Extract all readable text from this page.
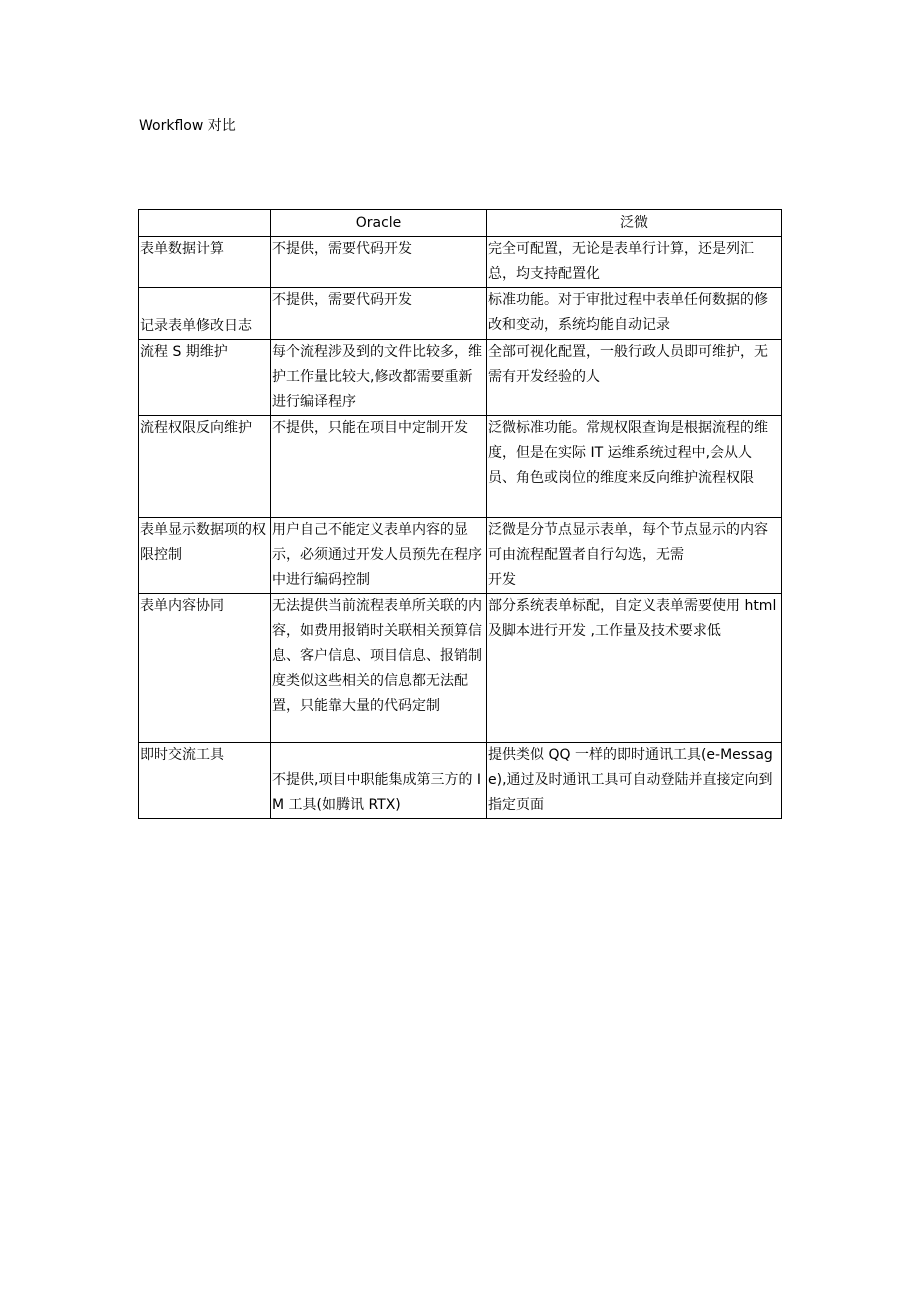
Workflow 对比
	Oracle	泛微
表单数据计算	不提供，需要代码开发	完全可配置，无论是表单行计算，还是列汇总，均支持配置化
记录表单修改日志	不提供，需要代码开发	标准功能。对于审批过程中表单任何数据的修改和变动，系统均能自动记录
流程 S 期维护	每个流程涉及到的文件比较多，维护工作量比较大,修改都需要重新进行编译程序	全部可视化配置，一般行政人员即可维护，无需有开发经验的人
流程权限反向维护	不提供，只能在项目中定制开发	泛微标准功能。常规权限查询是根据流程的维度，但是在实际 IT 运维系统过程中,会从人员、角色或岗位的维度来反向维护流程权限
表单显示数据项的权限控制	用户自己不能定义表单内容的显示，必须通过开发人员预先在程序中进行编码控制	泛微是分节点显示表单，每个节点显示的内容可由流程配置者自行勾选，无需
开发
表单内容协同	无法提供当前流程表单所关联的内容，如费用报销时关联相关预算信息、客户信息、项目信息、报销制度类似这些相关的信息都无法配置，只能靠大量的代码定制	部分系统表单标配，自定义表单需要使用 html 及脚本进行开发 ,工作量及技术要求低
即时交流工具	不提供,项目中职能集成第三方的 IM 工具(如腾讯 RTX)	提供类似 QQ 一样的即时通讯工具(e-Message),通过及时通讯工具可自动登陆并直接定向到指定页面
